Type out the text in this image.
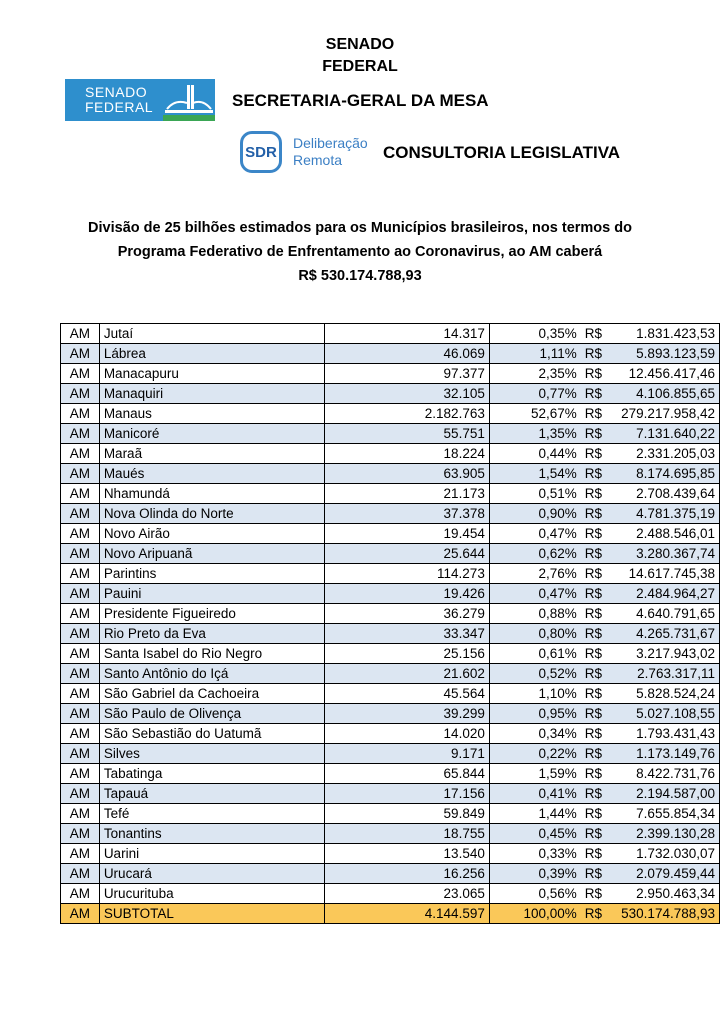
SENADO
FEDERAL
SENADO
FEDERAL	SECRETARIA-GERAL DA MESA
SDR
Deliberação
Remota	CONSULTORIA LEGISLATIVA
Divisão de 25 bilhões estimados para os Municípios brasileiros, nos termos do
Programa Federativo de Enfrentamento ao Coronavirus, ao AM caberá
R$ 530.174.788,93
AM	Jutaí	14.317	0,35%	R$	1.831.423,53
AM	Lábrea	46.069	1,11%	R$	5.893.123,59
AM	Manacapuru	97.377	2,35%	R$	12.456.417,46
AM	Manaquiri	32.105	0,77%	R$	4.106.855,65
AM	Manaus	2.182.763	52,67%	R$	279.217.958,42
AM	Manicoré	55.751	1,35%	R$	7.131.640,22
AM	Maraã	18.224	0,44%	R$	2.331.205,03
AM	Maués	63.905	1,54%	R$	8.174.695,85
AM	Nhamundá	21.173	0,51%	R$	2.708.439,64
AM	Nova Olinda do Norte	37.378	0,90%	R$	4.781.375,19
AM	Novo Airão	19.454	0,47%	R$	2.488.546,01
AM	Novo Aripuanã	25.644	0,62%	R$	3.280.367,74
AM	Parintins	114.273	2,76%	R$	14.617.745,38
AM	Pauini	19.426	0,47%	R$	2.484.964,27
AM	Presidente Figueiredo	36.279	0,88%	R$	4.640.791,65
AM	Rio Preto da Eva	33.347	0,80%	R$	4.265.731,67
AM	Santa Isabel do Rio Negro	25.156	0,61%	R$	3.217.943,02
AM	Santo Antônio do Içá	21.602	0,52%	R$	2.763.317,11
AM	São Gabriel da Cachoeira	45.564	1,10%	R$	5.828.524,24
AM	São Paulo de Olivença	39.299	0,95%	R$	5.027.108,55
AM	São Sebastião do Uatumã	14.020	0,34%	R$	1.793.431,43
AM	Silves	9.171	0,22%	R$	1.173.149,76
AM	Tabatinga	65.844	1,59%	R$	8.422.731,76
AM	Tapauá	17.156	0,41%	R$	2.194.587,00
AM	Tefé	59.849	1,44%	R$	7.655.854,34
AM	Tonantins	18.755	0,45%	R$	2.399.130,28
AM	Uarini	13.540	0,33%	R$	1.732.030,07
AM	Urucará	16.256	0,39%	R$	2.079.459,44
AM	Urucurituba	23.065	0,56%	R$	2.950.463,34
AM	SUBTOTAL	4.144.597	100,00%	R$	530.174.788,93
